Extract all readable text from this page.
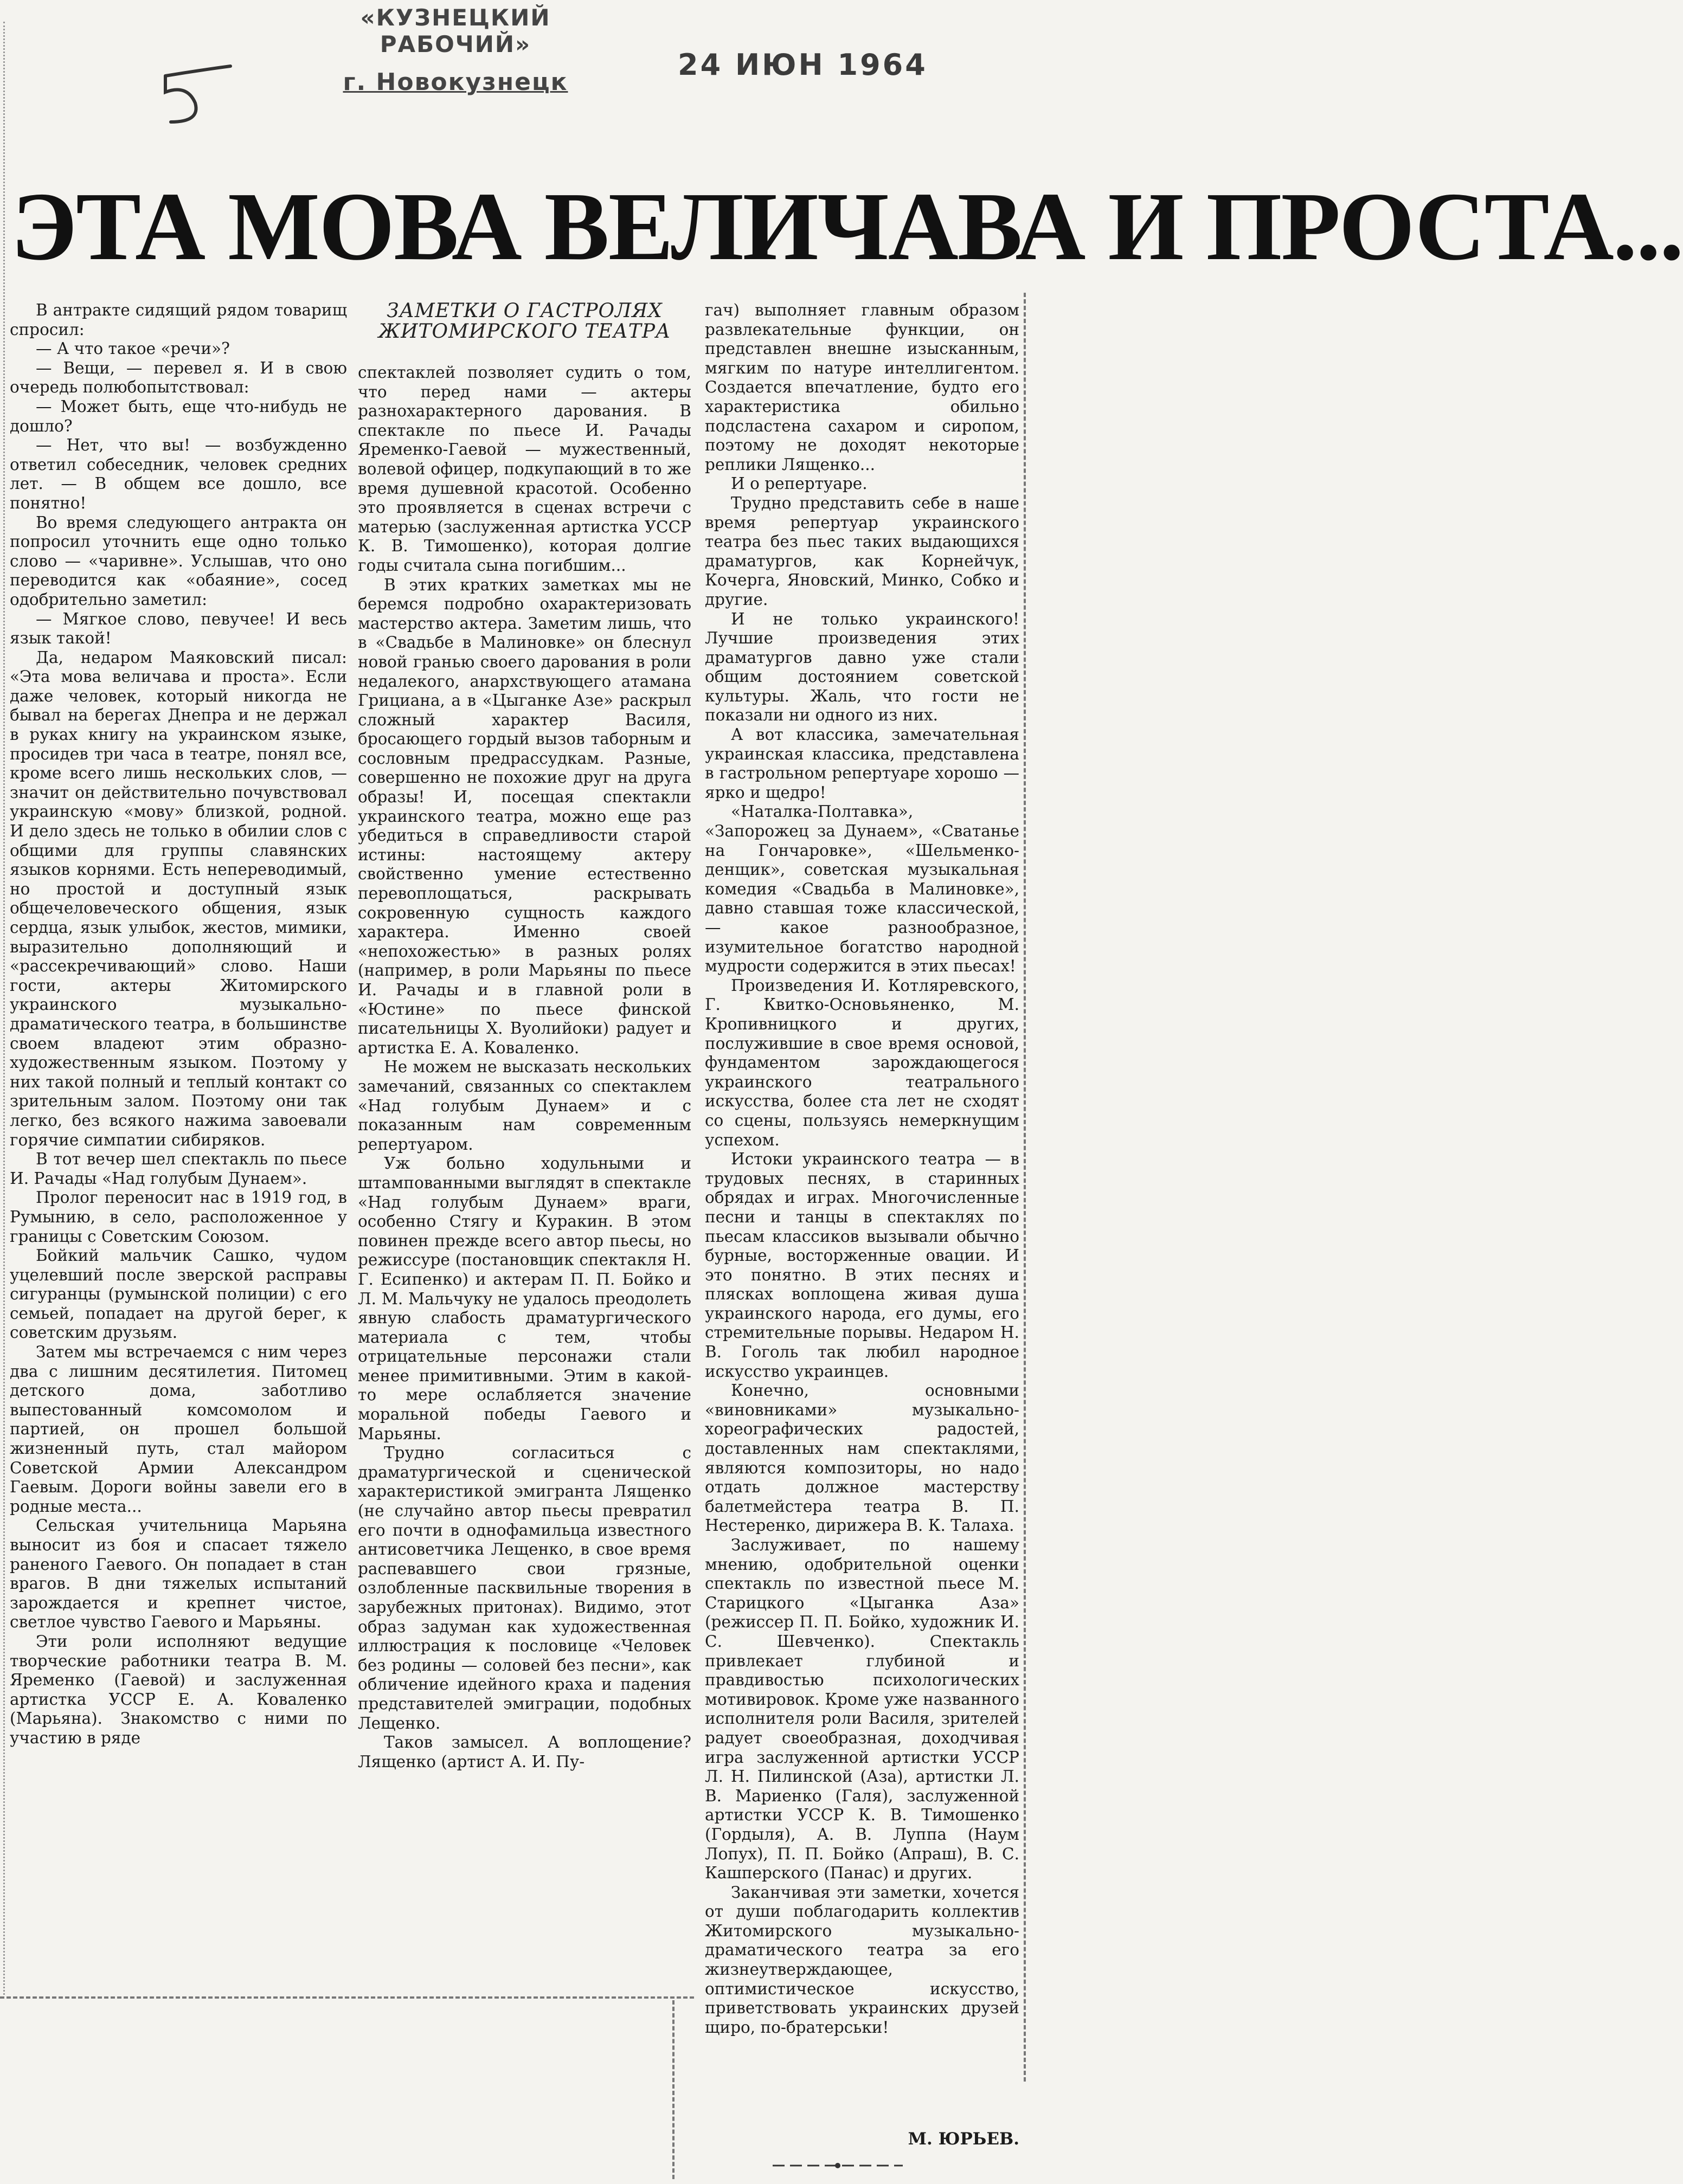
«КУЗНЕЦКИЙ РАБОЧИЙ»
г. Новокузнецк
24 ИЮН 1964
ЭТА МОВА ВЕЛИЧАВА И ПРОСТА...

В антракте сидящий рядом товарищ спросил:

— А что такое «речи»?

— Вещи, — перевел я. И в свою очередь полюбопытствовал:

— Может быть, еще что-нибудь не дошло?

— Нет, что вы! — возбужденно ответил собеседник, человек средних лет. — В общем все дошло, все понятно!

Во время следующего антракта он попросил уточнить еще одно только слово — «чаривне». Услышав, что оно переводится как «обаяние», сосед одобрительно заметил:

— Мягкое слово, певучее! И весь язык такой!

Да, недаром Маяковский писал: «Эта мова величава и проста». Если даже человек, который никогда не бывал на берегах Днепра и не держал в руках книгу на украинском языке, просидев три часа в театре, понял все, кроме всего лишь нескольких слов, — значит он действительно почувствовал украинскую «мову» близкой, родной. И дело здесь не только в обилии слов с общими для группы славянских языков корнями. Есть непереводимый, но простой и доступный язык общечеловеческого общения, язык сердца, язык улыбок, жестов, мимики, выразительно дополняющий и «рассекречивающий» слово. Наши гости, актеры Житомирского украинского музыкально-драматического театра, в большинстве своем владеют этим образно-художественным языком. Поэтому у них такой полный и теплый контакт со зрительным залом. Поэтому они так легко, без всякого нажима завоевали горячие симпатии сибиряков.

В тот вечер шел спектакль по пьесе И. Рачады «Над голубым Дунаем».

Пролог переносит нас в 1919 год, в Румынию, в село, расположенное у границы с Советским Союзом.

Бойкий мальчик Сашко, чудом уцелевший после зверской расправы сигуранцы (румынской полиции) с его семьей, попадает на другой берег, к советским друзьям.

Затем мы встречаемся с ним через два с лишним десятилетия. Питомец детского дома, заботливо выпестованный комсомолом и партией, он прошел большой жизненный путь, стал майором Советской Армии Александром Гаевым. Дороги войны завели его в родные места...

Сельская учительница Марьяна выносит из боя и спасает тяжело раненого Гаевого. Он попадает в стан врагов. В дни тяжелых испытаний зарождается и крепнет чистое, светлое чувство Гаевого и Марьяны.

Эти роли исполняют ведущие творческие работники театра В. М. Яременко (Гаевой) и заслуженная артистка УССР Е. А. Коваленко (Марьяна). Знакомство с ними по участию в ряде

ЗАМЕТКИ О ГАСТРОЛЯХ ЖИТОМИРСКОГО ТЕАТРА

спектаклей позволяет судить о том, что перед нами — актеры разнохарактерного дарования. В спектакле по пьесе И. Рачады Яременко-Гаевой — мужественный, волевой офицер, подкупающий в то же время душевной красотой. Особенно это проявляется в сценах встречи с матерью (заслуженная артистка УССР К. В. Тимошенко), которая долгие годы считала сына погибшим...

В этих кратких заметках мы не беремся подробно охарактеризовать мастерство актера. Заметим лишь, что в «Свадьбе в Малиновке» он блеснул новой гранью своего дарования в роли недалекого, анархствующего атамана Грициана, а в «Цыганке Азе» раскрыл сложный характер Василя, бросающего гордый вызов таборным и сословным предрассудкам. Разные, совершенно не похожие друг на друга образы! И, посещая спектакли украинского театра, можно еще раз убедиться в справедливости старой истины: настоящему актеру свойственно умение естественно перевоплощаться, раскрывать сокровенную сущность каждого характера. Именно своей «непохожестью» в разных ролях (например, в роли Марьяны по пьесе И. Рачады и в главной роли в «Юстине» по пьесе финской писательницы Х. Вуолийоки) радует и артистка Е. А. Коваленко.

Не можем не высказать нескольких замечаний, связанных со спектаклем «Над голубым Дунаем» и с показанным нам современным репертуаром.

Уж больно ходульными и штампованными выглядят в спектакле «Над голубым Дунаем» враги, особенно Стягу и Куракин. В этом повинен прежде всего автор пьесы, но режиссуре (постановщик спектакля Н. Г. Есипенко) и актерам П. П. Бойко и Л. М. Мальчуку не удалось преодолеть явную слабость драматургического материала с тем, чтобы отрицательные персонажи стали менее примитивными. Этим в какой-то мере ослабляется значение моральной победы Гаевого и Марьяны.

Трудно согласиться с драматургической и сценической характеристикой эмигранта Лященко (не случайно автор пьесы превратил его почти в однофамильца известного антисоветчика Лещенко, в свое время распевавшего свои грязные, озлобленные пасквильные творения в зарубежных притонах). Видимо, этот образ задуман как художественная иллюстрация к пословице «Человек без родины — соловей без песни», как обличение идейного краха и падения представителей эмиграции, подобных Лещенко.

Таков замысел. А воплощение? Лященко (артист А. И. Пу-

гач) выполняет главным образом развлекательные функции, он представлен внешне изысканным, мягким по натуре интеллигентом. Создается впечатление, будто его характеристика обильно подсластена сахаром и сиропом, поэтому не доходят некоторые реплики Лященко...

И о репертуаре.

Трудно представить себе в наше время репертуар украинского театра без пьес таких выдающихся драматургов, как Корнейчук, Кочерга, Яновский, Минко, Собко и другие.

И не только украинского! Лучшие произведения этих драматургов давно уже стали общим достоянием советской культуры. Жаль, что гости не показали ни одного из них.

А вот классика, замечательная украинская классика, представлена в гастрольном репертуаре хорошо — ярко и щедро!

«Наталка-Полтавка», «Запорожец за Дунаем», «Сватанье на Гончаровке», «Шельменко-денщик», советская музыкальная комедия «Свадьба в Малиновке», давно ставшая тоже классической, — какое разнообразное, изумительное богатство народной мудрости содержится в этих пьесах!

Произведения И. Котляревского, Г. Квитко-Основьяненко, М. Кропивницкого и других, послужившие в свое время основой, фундаментом зарождающегося украинского театрального искусства, более ста лет не сходят со сцены, пользуясь немеркнущим успехом.

Истоки украинского театра — в трудовых песнях, в старинных обрядах и играх. Многочисленные песни и танцы в спектаклях по пьесам классиков вызывали обычно бурные, восторженные овации. И это понятно. В этих песнях и плясках воплощена живая душа украинского народа, его думы, его стремительные порывы. Недаром Н. В. Гоголь так любил народное искусство украинцев.

Конечно, основными «виновниками» музыкально-хореографических радостей, доставленных нам спектаклями, являются композиторы, но надо отдать должное мастерству балетмейстера театра В. П. Нестеренко, дирижера В. К. Талаха.

Заслуживает, по нашему мнению, одобрительной оценки спектакль по известной пьесе М. Старицкого «Цыганка Аза» (режиссер П. П. Бойко, художник И. С. Шевченко). Спектакль привлекает глубиной и правдивостью психологических мотивировок. Кроме уже названного исполнителя роли Василя, зрителей радует своеобразная, доходчивая игра заслуженной артистки УССР Л. Н. Пилинской (Аза), артистки Л. В. Мариенко (Галя), заслуженной артистки УССР К. В. Тимошенко (Гордыля), А. В. Луппа (Наум Лопух), П. П. Бойко (Апраш), В. С. Кашперского (Панас) и других.

Заканчивая эти заметки, хочется от души поблагодарить коллектив Житомирского музыкально-драматического театра за его жизнеутверждающее, оптимистическое искусство, приветствовать украинских друзей щиро, по-братерськи!

М. ЮРЬЕВ.
